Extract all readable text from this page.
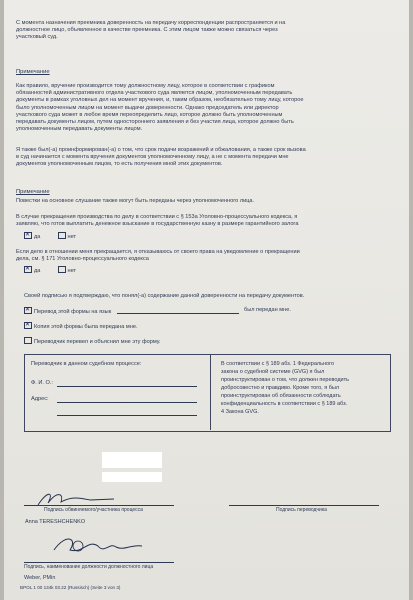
С момента назначения преемника доверенность на передачу корреспонденции распространяется и на
должностное лицо, объявленное в качестве преемника. С этим лицом также можно связаться через
участковый суд.
Примечание
Как правило, вручение производится тому должностному лицу, которое в соответствии с графиком
обязанностей административного отдела участкового суда является лицом, уполномоченным передавать
документы в рамках уголовных дел на момент вручения, и, таким образом, необязательно тому лицу, которое
было уполномоченным лицом на момент выдачи доверенности. Однако председатель или директор
участкового суда может в любое время переопределить лицо, которое должно быть уполномоченным
передавать документы лицом, путем одностороннего заявления и без участия лица, которое должно быть
уполномоченным передавать документы лицом.
Я также был(-а) проинформирован(-а) о том, что срок подачи возражений и обжалования, а также срок вызова
в суд начинается с момента вручения документов уполномоченному лицу, а не с момента передачи мне
документов уполномоченным лицом, то есть получения мной этих документов.
Примечание
Повестки на основное слушание также могут быть переданы через уполномоченного лица.
В случае прекращения производства по делу в соответствии с § 153а Уголовно-процессуального кодекса, я
заявляю, что готов выплатить денежное взыскание в государственную казну в размере гарантийного залога
✕да	нет
Если дело в отношении меня прекращается, я отказываюсь от своего права на уведомление о прекращении
дела, см. § 171 Уголовно-процессуального кодекса
✕да	нет
Своей подписью я подтверждаю, что понял(-а) содержание данной доверенности на передачу документов.
✕Перевод этой формы на язык	был передан мне.
✕Копия этой формы была передана мне.
Переводчик перевел и объяснил мне эту форму.
Переводчик в данном судебном процессе:
Ф. И. О.:
Адрес:
В соответствии с § 189 абз. 1 Федерального
закона о судебной системе (GVG) я был
проинструктирован о том, что должен переводить
добросовестно и правдиво. Кроме того, я был
проинструктирован об обязанности соблюдать
конфиденциальность в соответствии с § 189 абз.
4 Закона GVG.
Подпись обвиняемого/участника процесса
Anna TERESHCHENKO
Подпись переводчика
Подпись, наименование должности должностного лица
Weber, PMin
BPOL 1 00 134k 03.22 (Russisch) (Seite 3 von 3)
